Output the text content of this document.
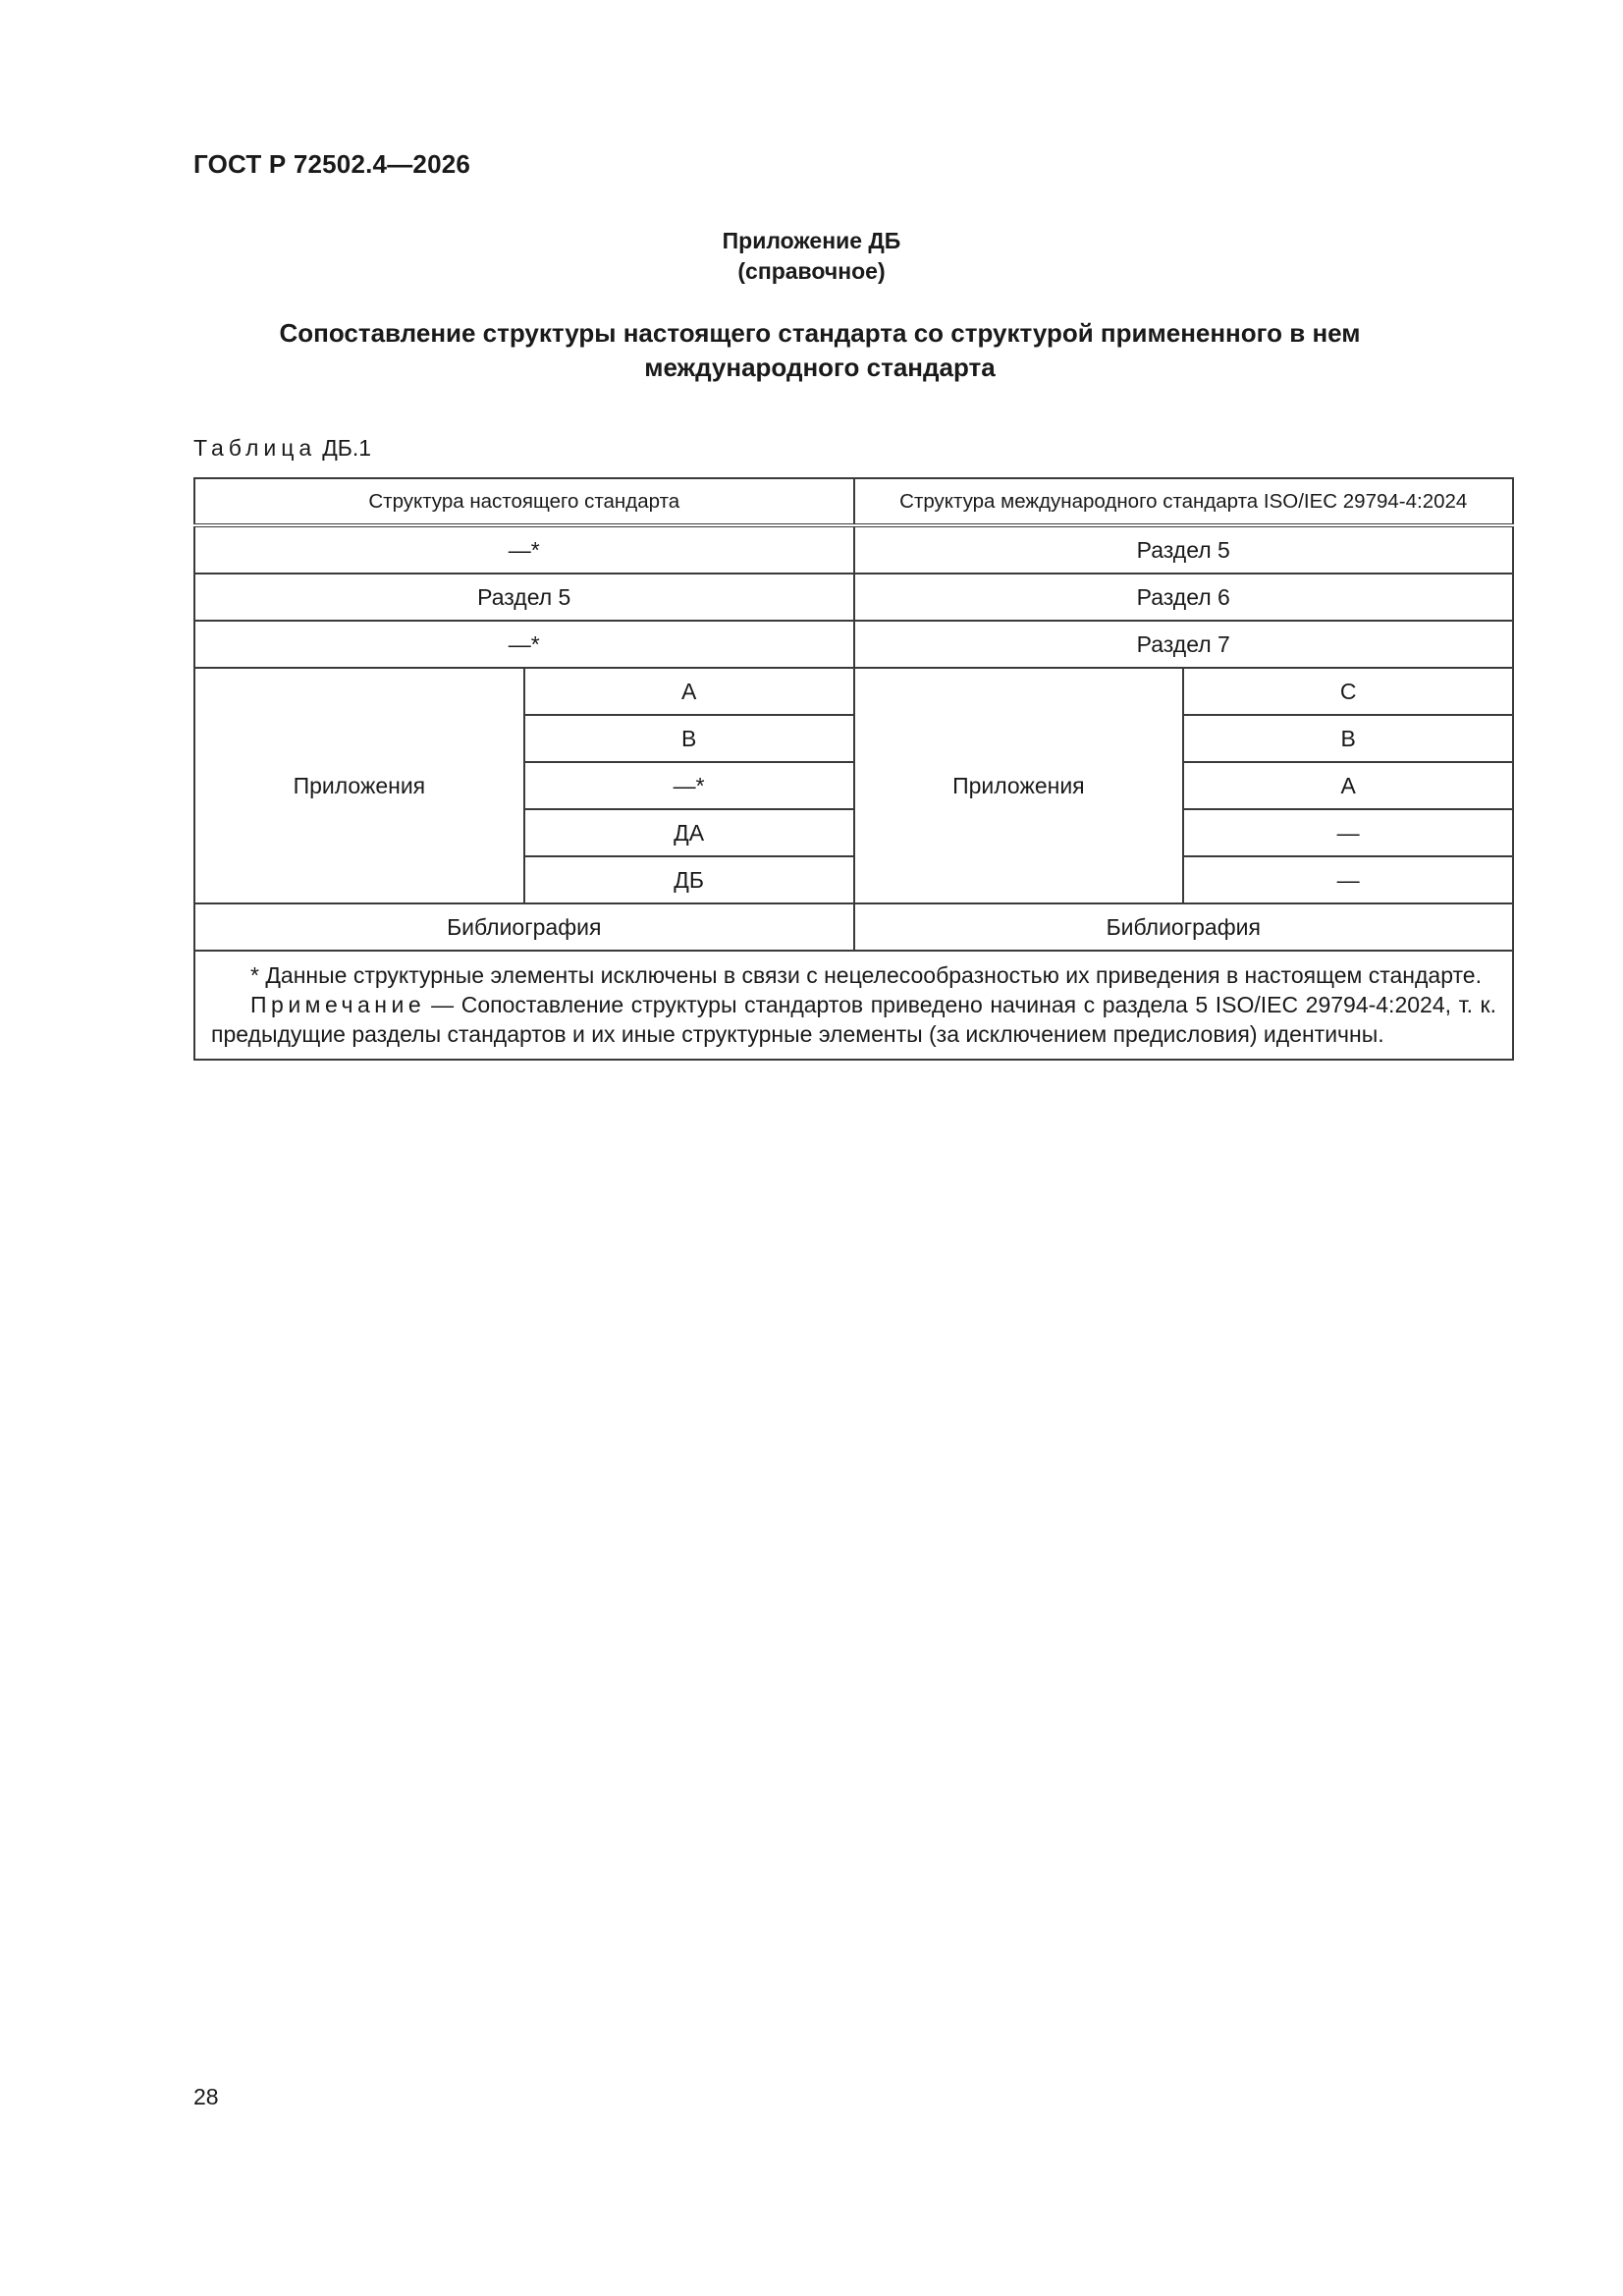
ГОСТ Р 72502.4—2026
Приложение ДБ
(справочное)
Сопоставление структуры настоящего стандарта со структурой примененного в нем международного стандарта
Таблица ДБ.1
Структура настоящего стандарта		Структура международного стандарта ISO/IEC 29794-4:2024	
—*		Раздел 5	
Раздел 5		Раздел 6	
—*		Раздел 7	
Приложения	А	Приложения	С
	В		В
	—*		А
	ДА		—
	ДБ		—
Библиография		Библиография	

* Данные структурные элементы исключены в связи с нецелесообразностью их приведения в настоящем стандарте.

Примечание — Сопоставление структуры стандартов приведено начиная с раздела 5 ISO/IEC 29794-4:2024, т. к. предыдущие разделы стандартов и их иные структурные элементы (за исключением предисловия) идентичны.			

28
